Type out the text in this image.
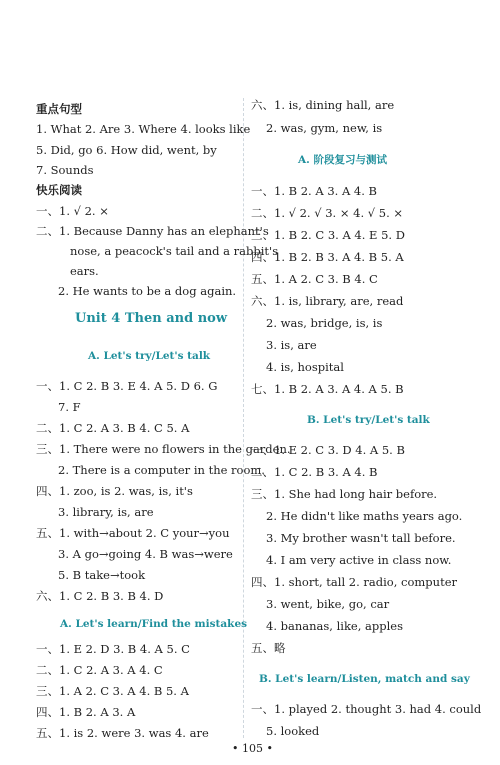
重点句型
1. What 2. Are 3. Where 4. looks like
5. Did, go 6. How did, went, by
7. Sounds
快乐阅读
一、1. √ 2. ×
二、1. Because Danny has an elephant's
nose, a peacock's tail and a rabbit's
ears.
2. He wants to be a dog again.
Unit 4 Then and now
A. Let's try/Let's talk
一、1. C 2. B 3. E 4. A 5. D 6. G
7. F
二、1. C 2. A 3. B 4. C 5. A
三、1. There were no flowers in the garden.
2. There is a computer in the room.
四、1. zoo, is 2. was, is, it's
3. library, is, are
五、1. with→about 2. C your→you
3. A go→going 4. B was→were
5. B take→took
六、1. C 2. B 3. B 4. D
A. Let's learn/Find the mistakes
一、1. E 2. D 3. B 4. A 5. C
二、1. C 2. A 3. A 4. C
三、1. A 2. C 3. A 4. B 5. A
四、1. B 2. A 3. A
五、1. is 2. were 3. was 4. are
六、1. is, dining hall, are
2. was, gym, new, is
A. 阶段复习与测试
一、1. B 2. A 3. A 4. B
二、1. √ 2. √ 3. × 4. √ 5. ×
三、1. B 2. C 3. A 4. E 5. D
四、1. B 2. B 3. A 4. B 5. A
五、1. A 2. C 3. B 4. C
六、1. is, library, are, read
2. was, bridge, is, is
3. is, are
4. is, hospital
七、1. B 2. A 3. A 4. A 5. B
B. Let's try/Let's talk
一、1. E 2. C 3. D 4. A 5. B
二、1. C 2. B 3. A 4. B
三、1. She had long hair before.
2. He didn't like maths years ago.
3. My brother wasn't tall before.
4. I am very active in class now.
四、1. short, tall 2. radio, computer
3. went, bike, go, car
4. bananas, like, apples
五、略
B. Let's learn/Listen, match and say
一、1. played 2. thought 3. had 4. could
5. looked
• 105 •
